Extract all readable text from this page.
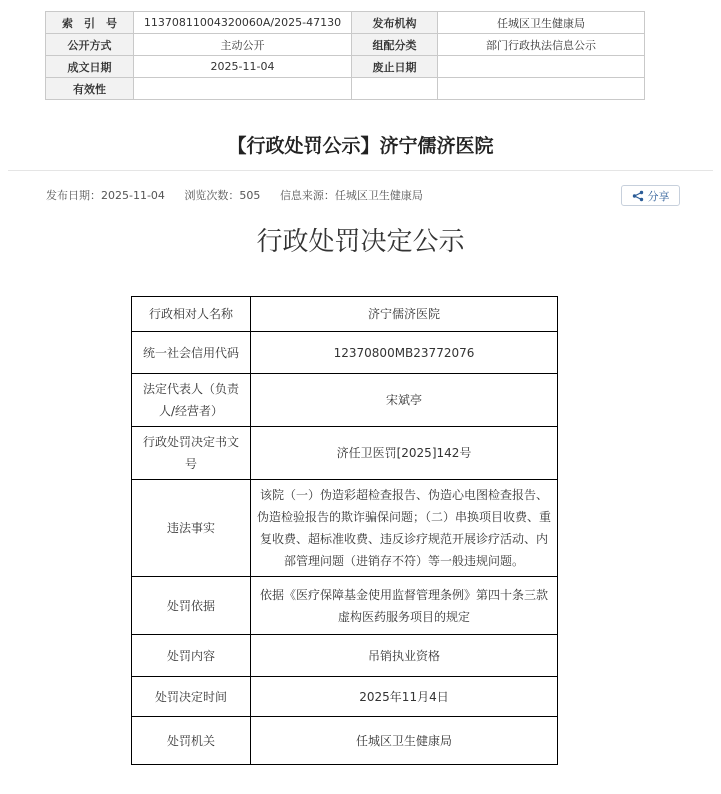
索　引　号	11370811004320060A/2025-47130	发布机构	任城区卫生健康局
公开方式	主动公开	组配分类	部门行政执法信息公示
成文日期	2025-11-04	废止日期	
有效性			
【行政处罚公示】济宁儒济医院
发布日期：2025-11-04 浏览次数：505 信息来源：任城区卫生健康局	分享
行政处罚决定公示
行政相对人名称	济宁儒济医院
统一社会信用代码	12370800MB23772076
法定代表人（负责人/经营者）	宋斌亭
行政处罚决定书文号	济任卫医罚[2025]142号
违法事实	该院（一）伪造彩超检查报告、伪造心电图检查报告、伪造检验报告的欺诈骗保问题；（二）串换项目收费、重复收费、超标准收费、违反诊疗规范开展诊疗活动、内部管理问题（进销存不符）等一般违规问题。
处罚依据	依据《医疗保障基金使用监督管理条例》第四十条三款虚构医药服务项目的规定
处罚内容	吊销执业资格
处罚决定时间	2025年11月4日
处罚机关	任城区卫生健康局
